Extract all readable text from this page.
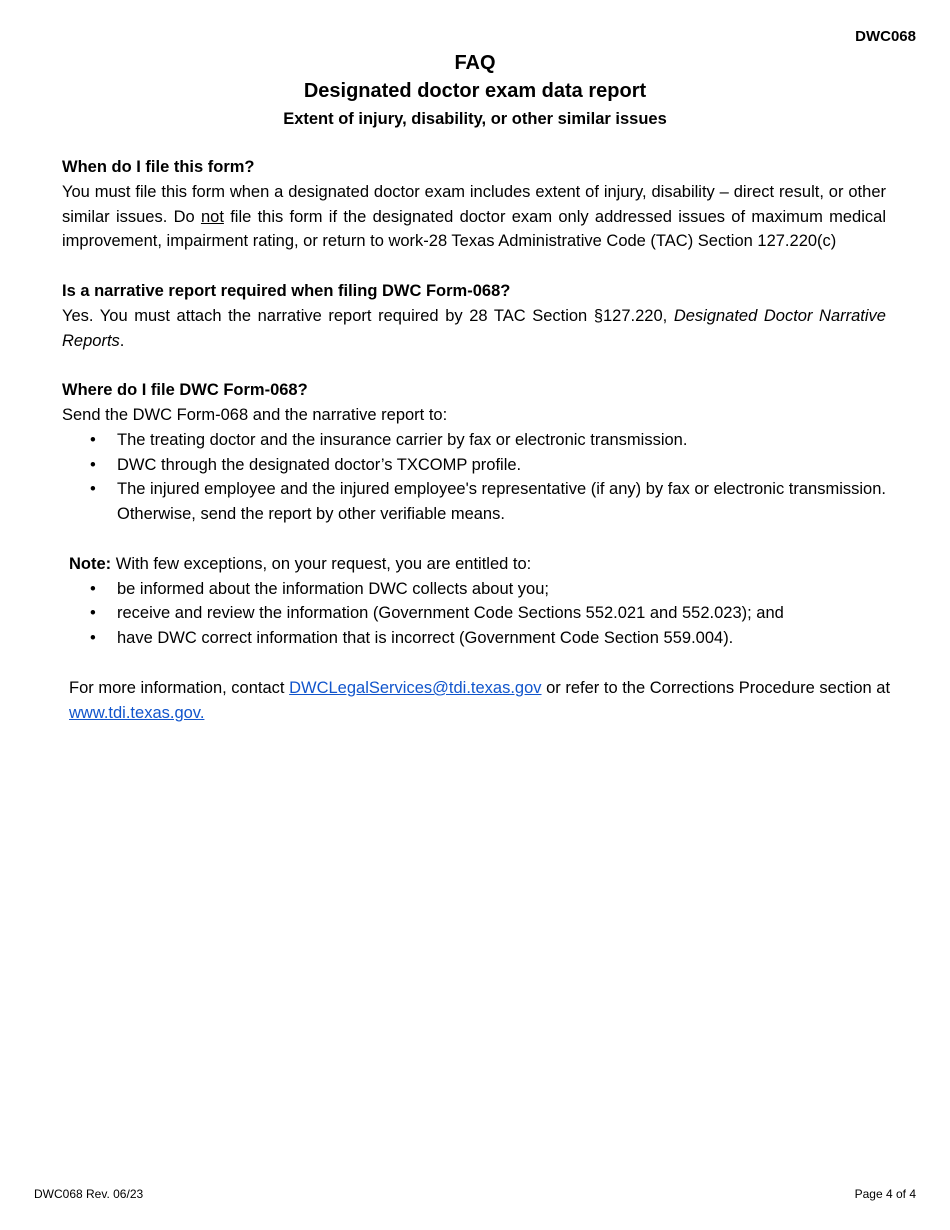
DWC068
FAQ
Designated doctor exam data report
Extent of injury, disability, or other similar issues

When do I file this form?

You must file this form when a designated doctor exam includes extent of injury, disability – direct result, or other similar issues. Do not file this form if the designated doctor exam only addressed issues of maximum medical improvement, impairment rating, or return to work-28 Texas Administrative Code (TAC) Section 127.220(c)

Is a narrative report required when filing DWC Form-068?

Yes. You must attach the narrative report required by 28 TAC Section §127.220, Designated Doctor Narrative Reports.

Where do I file DWC Form-068?

Send the DWC Form-068 and the narrative report to:

• The treating doctor and the insurance carrier by fax or electronic transmission.
• DWC through the designated doctor’s TXCOMP profile.
• The injured employee and the injured employee's representative (if any) by fax or electronic transmission. Otherwise, send the report by other verifiable means.

Note: With few exceptions, on your request, you are entitled to:

• be informed about the information DWC collects about you;
• receive and review the information (Government Code Sections 552.021 and 552.023); and
• have DWC correct information that is incorrect (Government Code Section 559.004).

For more information, contact DWCLegalServices@tdi.texas.gov or refer to the Corrections Procedure section at www.tdi.texas.gov.

DWC068 Rev. 06/23	Page 4 of 4
